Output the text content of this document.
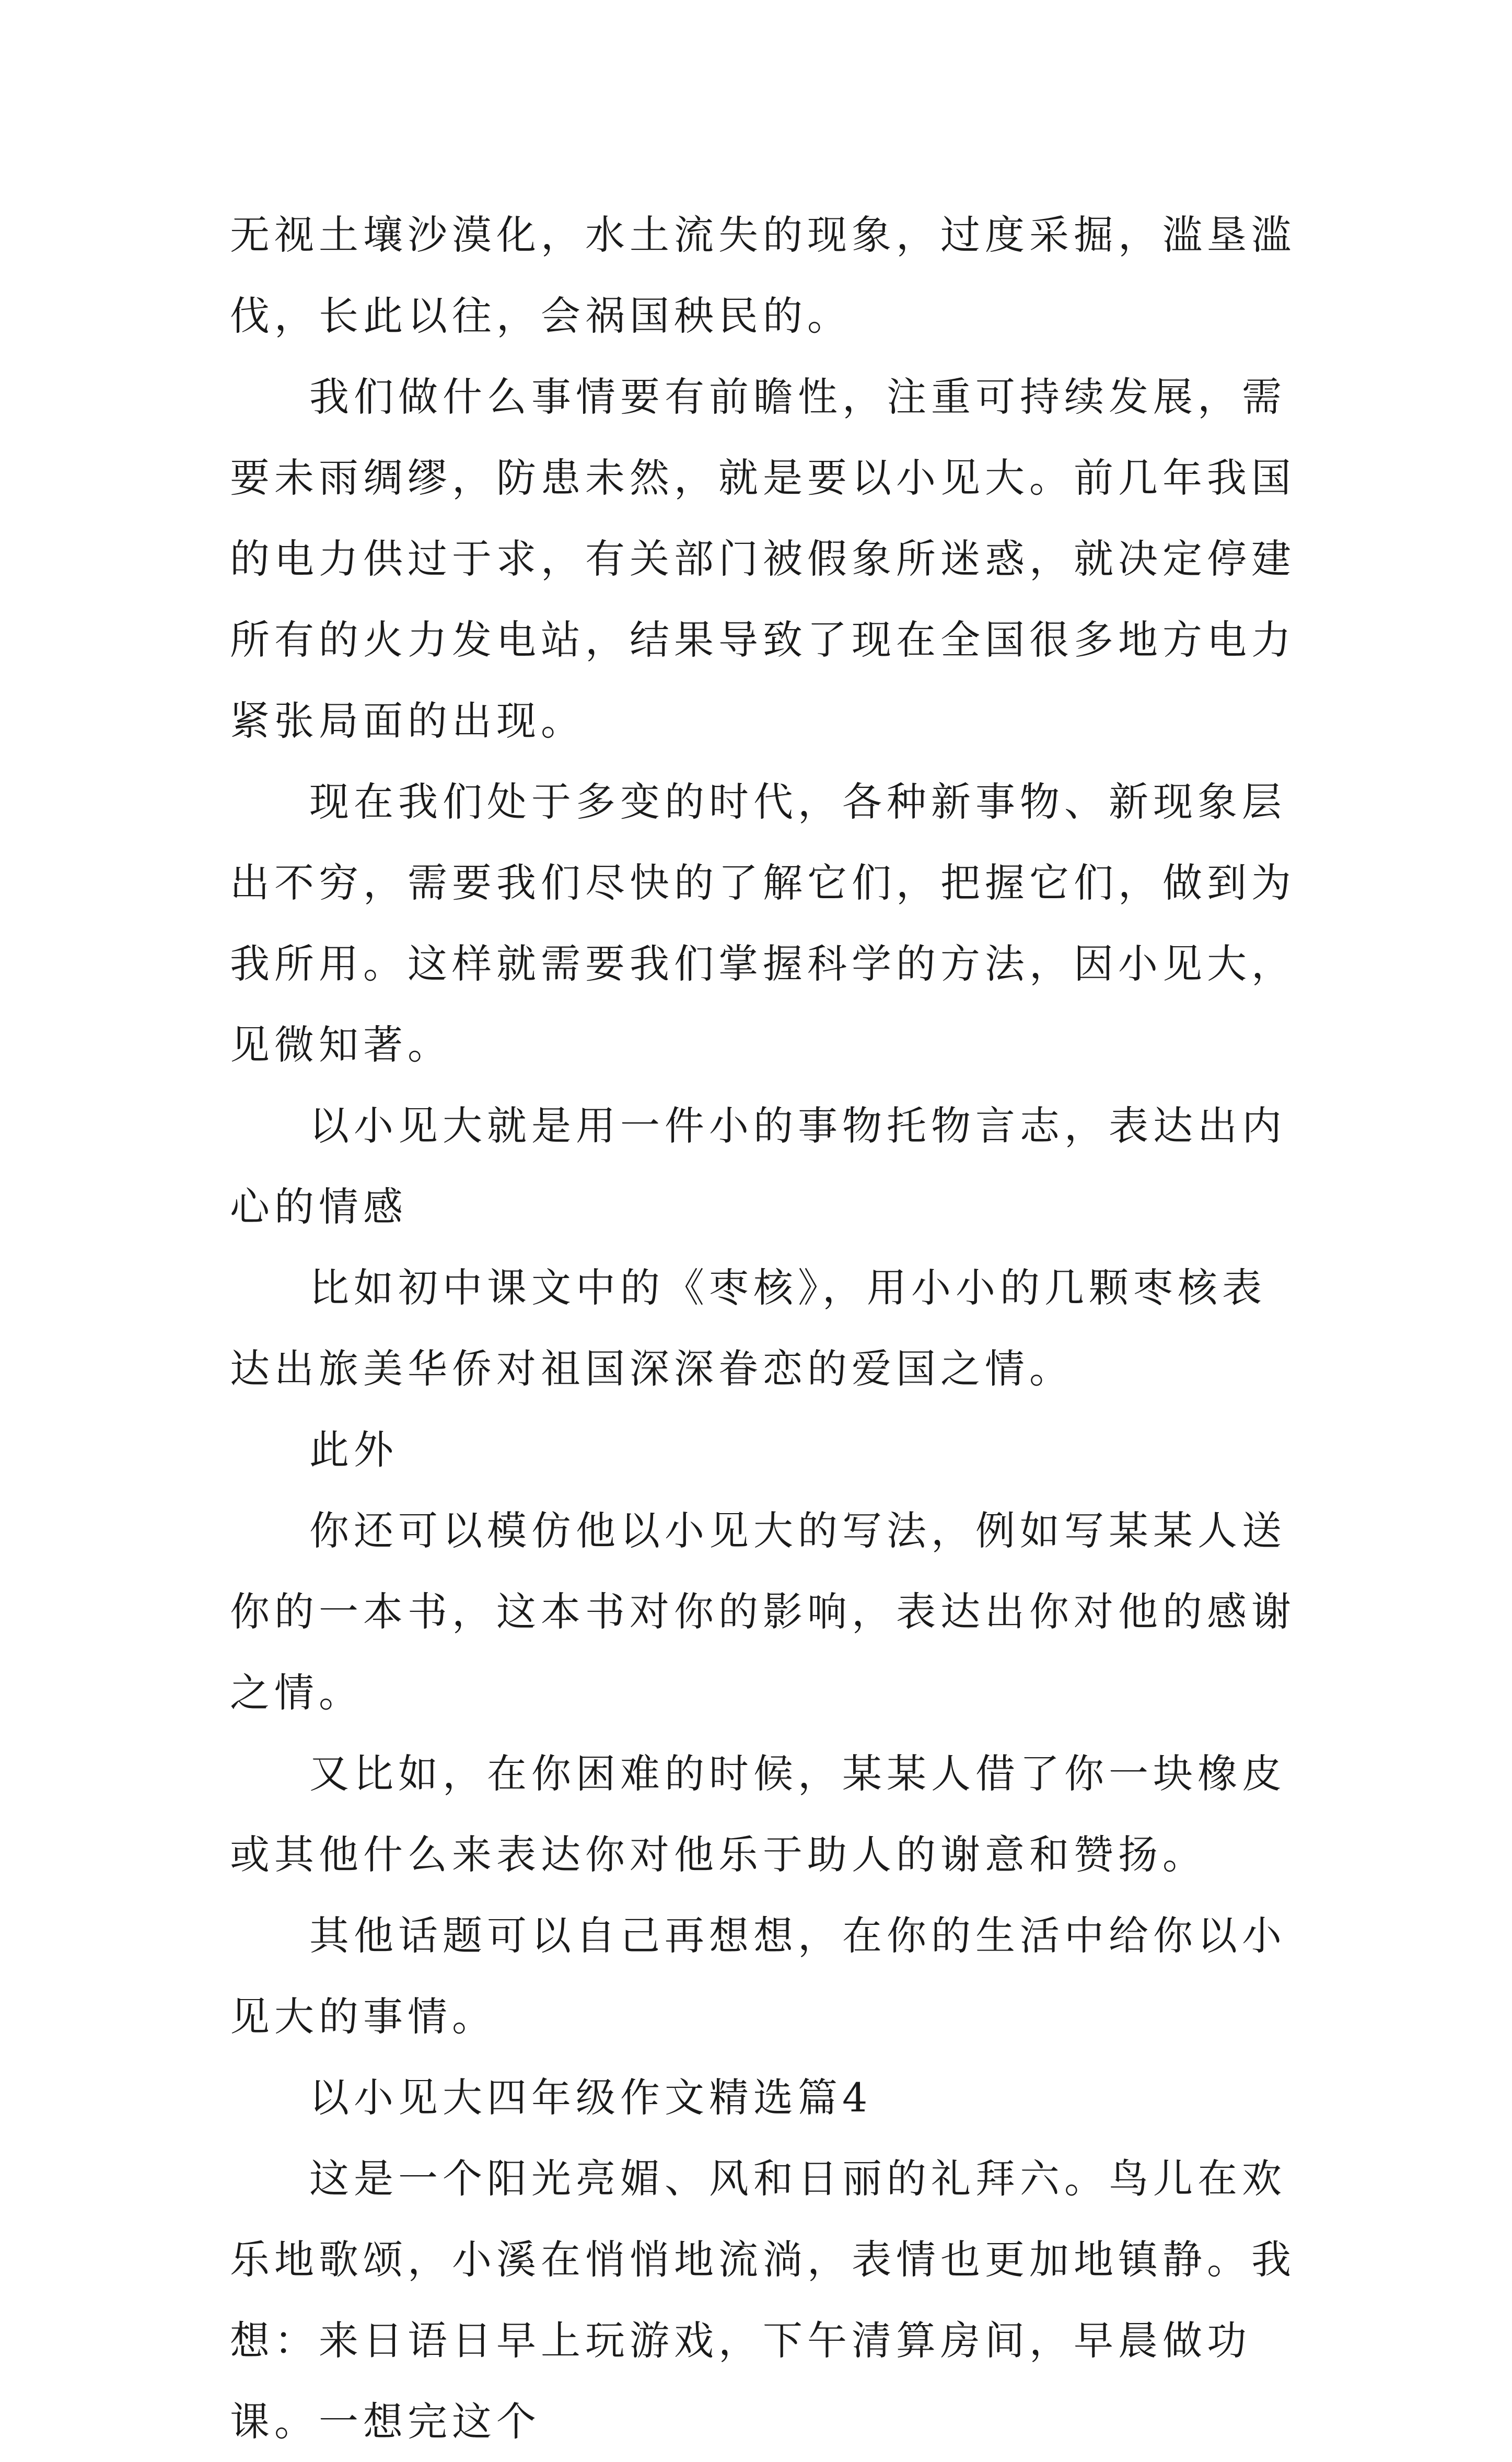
无视土壤沙漠化，水土流失的现象，过度采掘，滥垦滥伐，长此以往，会祸国秧民的。

我们做什么事情要有前瞻性，注重可持续发展，需要未雨绸缪，防患未然，就是要以小见大。前几年我国的电力供过于求，有关部门被假象所迷惑，就决定停建所有的火力发电站，结果导致了现在全国很多地方电力紧张局面的出现。

现在我们处于多变的时代，各种新事物、新现象层出不穷，需要我们尽快的了解它们，把握它们，做到为我所用。这样就需要我们掌握科学的方法，因小见大，见微知著。

以小见大就是用一件小的事物托物言志，表达出内心的情感

比如初中课文中的《枣核》，用小小的几颗枣核表达出旅美华侨对祖国深深眷恋的爱国之情。

此外

你还可以模仿他以小见大的写法，例如写某某人送你的一本书，这本书对你的影响，表达出你对他的感谢之情。

又比如，在你困难的时候，某某人借了你一块橡皮或其他什么来表达你对他乐于助人的谢意和赞扬。

其他话题可以自己再想想，在你的生活中给你以小见大的事情。

以小见大四年级作文精选篇4

这是一个阳光亮媚、风和日丽的礼拜六。鸟儿在欢乐地歌颂，小溪在悄悄地流淌，表情也更加地镇静。我想：来日语日早上玩游戏，下午清算房间，早晨做功课。一想完这个
